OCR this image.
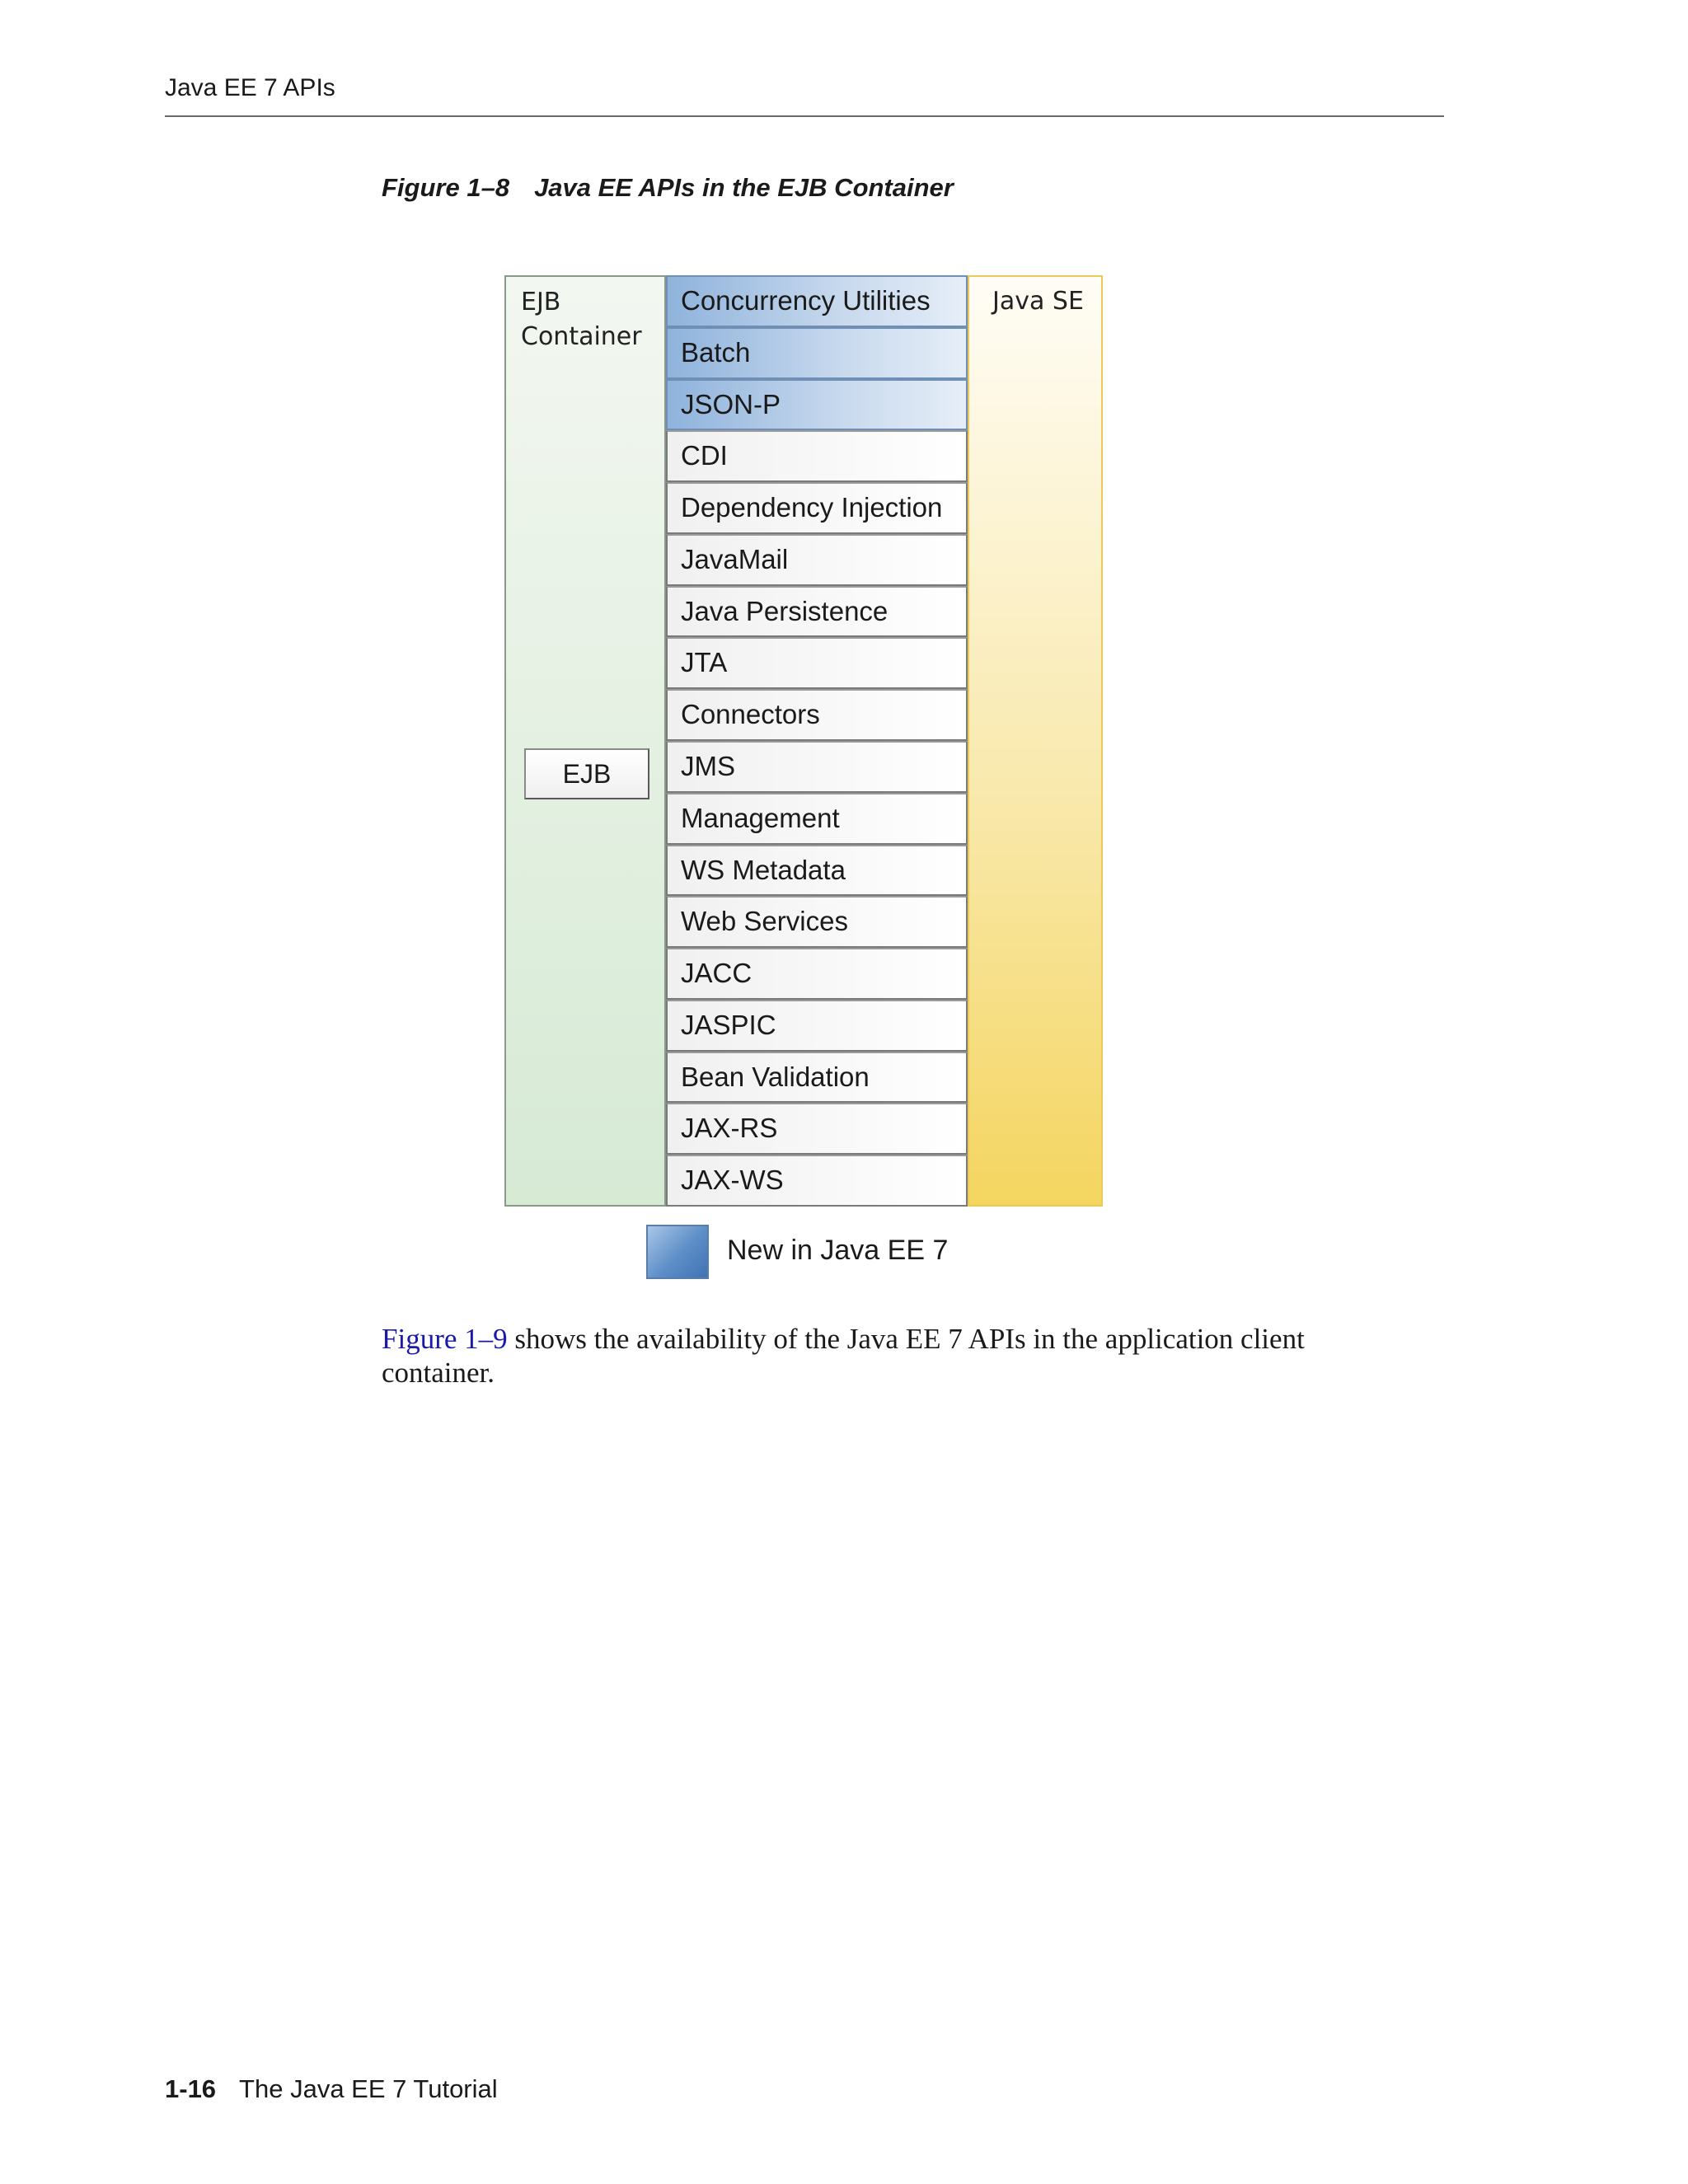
Java EE 7 APIs
Figure 1–8 Java EE APIs in the EJB Container
EJB
Container
EJB
Concurrency Utilities
Batch
JSON-P
CDI
Dependency Injection
JavaMail
Java Persistence
JTA
Connectors
JMS
Management
WS Metadata
Web Services
JACC
JASPIC
Bean Validation
JAX-RS
JAX-WS
Java SE
New in Java EE 7

Figure 1–9 shows the availability of the Java EE 7 APIs in the application client container.

1-16 The Java EE 7 Tutorial
